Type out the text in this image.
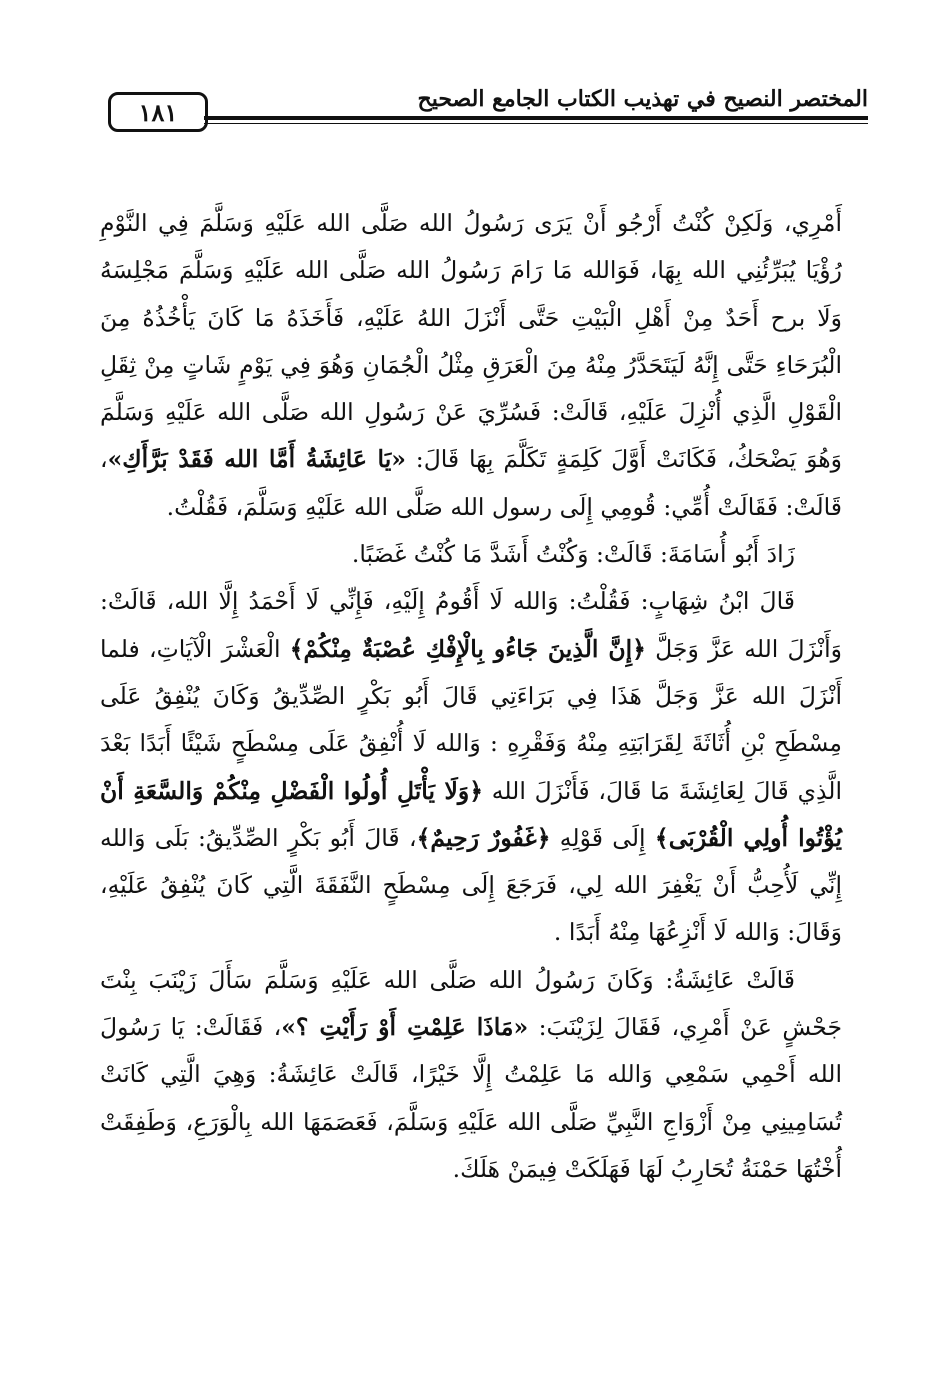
١٨١	المختصر النصيح في تهذيب الكتاب الجامع الصحيح

أَمْرِي، وَلَكِنْ كُنْتُ أَرْجُو أَنْ يَرَى رَسُولُ الله صَلَّى الله عَلَيْهِ وَسَلَّمَ فِي النَّوْمِ رُؤْيَا يُبَرِّئُنِي الله بِهَا، فَوَالله مَا رَامَ رَسُولُ الله صَلَّى الله عَلَيْهِ وَسَلَّمَ مَجْلِسَهُ وَلَا برح أَحَدٌ مِنْ أَهْلِ الْبَيْتِ حَتَّى أَنْزَلَ اللهُ عَلَيْهِ، فَأَخَذَهُ مَا كَانَ يَأْخُذُهُ مِنَ الْبُرَحَاءِ حَتَّى إِنَّهُ لَيَتَحَدَّرُ مِنْهُ مِنَ الْعَرَقِ مِثْلُ الْجُمَانِ وَهُوَ فِي يَوْمٍ شَاتٍ مِنْ ثِقَلِ الْقَوْلِ الَّذِي أُنْزِلَ عَلَيْهِ، قَالَتْ: فَسُرِّيَ عَنْ رَسُولِ الله صَلَّى الله عَلَيْهِ وَسَلَّمَ وَهُوَ يَضْحَكُ، فَكَانَتْ أَوَّلَ كَلِمَةٍ تَكَلَّمَ بِهَا قَالَ: «يَا عَائِشَةُ أَمَّا الله فَقَدْ بَرَّأَكِ»، قَالَتْ: فَقَالَتْ أُمِّي: قُومِي إِلَى رسول الله صَلَّى الله عَلَيْهِ وَسَلَّمَ، فَقُلْتُ.

زَادَ أَبُو أُسَامَةَ: قَالَتْ: وَكُنْتُ أَشَدَّ مَا كُنْتُ غَضَبًا.

قَالَ ابْنُ شِهَابٍ: فَقُلْتُ: وَالله لَا أَقُومُ إِلَيْهِ، فَإِنِّي لَا أَحْمَدُ إِلَّا الله، قَالَتْ: وَأَنْزَلَ الله عَزَّ وَجَلَّ ﴿إِنَّ الَّذِينَ جَاءُو بِالْإِفْكِ عُصْبَةٌ مِنْكُمْ﴾ الْعَشْرَ الْآيَاتِ، فلما أَنْزَلَ الله عَزَّ وَجَلَّ هَذَا فِي بَرَاءَتِي قَالَ أَبُو بَكْرٍ الصِّدِّيقُ وَكَانَ يُنْفِقُ عَلَى مِسْطَحِ بْنِ أُثَاثَةَ لِقَرَابَتِهِ مِنْهُ وَفَقْرِهِ : وَالله لَا أُنْفِقُ عَلَى مِسْطَحٍ شَيْئًا أَبَدًا بَعْدَ الَّذِي قَالَ لِعَائِشَةَ مَا قَالَ، فَأَنْزَلَ الله ﴿وَلَا يَأْتَلِ أُولُوا الْفَضْلِ مِنْكُمْ وَالسَّعَةِ أَنْ يُؤْتُوا أُولِي الْقُرْبَى﴾ إِلَى قَوْلِهِ ﴿غَفُورٌ رَحِيمٌ﴾، قَالَ أَبُو بَكْرٍ الصِّدِّيقُ: بَلَى وَالله إِنِّي لَأُحِبُّ أَنْ يَغْفِرَ الله لِي، فَرَجَعَ إِلَى مِسْطَحٍ النَّفَقَةَ الَّتِي كَانَ يُنْفِقُ عَلَيْهِ، وَقَالَ: وَالله لَا أَنْزِعُهَا مِنْهُ أَبَدًا .

قَالَتْ عَائِشَةُ: وَكَانَ رَسُولُ الله صَلَّى الله عَلَيْهِ وَسَلَّمَ سَأَلَ زَيْنَبَ بِنْتَ جَحْشٍ عَنْ أَمْرِي، فَقَالَ لِزَيْنَبَ: «مَاذَا عَلِمْتِ أَوْ رَأَيْتِ ؟»، فَقَالَتْ: يَا رَسُولَ الله أَحْمِي سَمْعِي وَالله مَا عَلِمْتُ إِلَّا خَيْرًا، قَالَتْ عَائِشَةُ: وَهِيَ الَّتِي كَانَتْ تُسَامِينِي مِنْ أَزْوَاجِ النَّبِيِّ صَلَّى الله عَلَيْهِ وَسَلَّمَ، فَعَصَمَهَا الله بِالْوَرَعِ، وَطَفِقَتْ أُخْتُهَا حَمْنَةُ تُحَارِبُ لَهَا فَهَلَكَتْ فِيمَنْ هَلَكَ.
